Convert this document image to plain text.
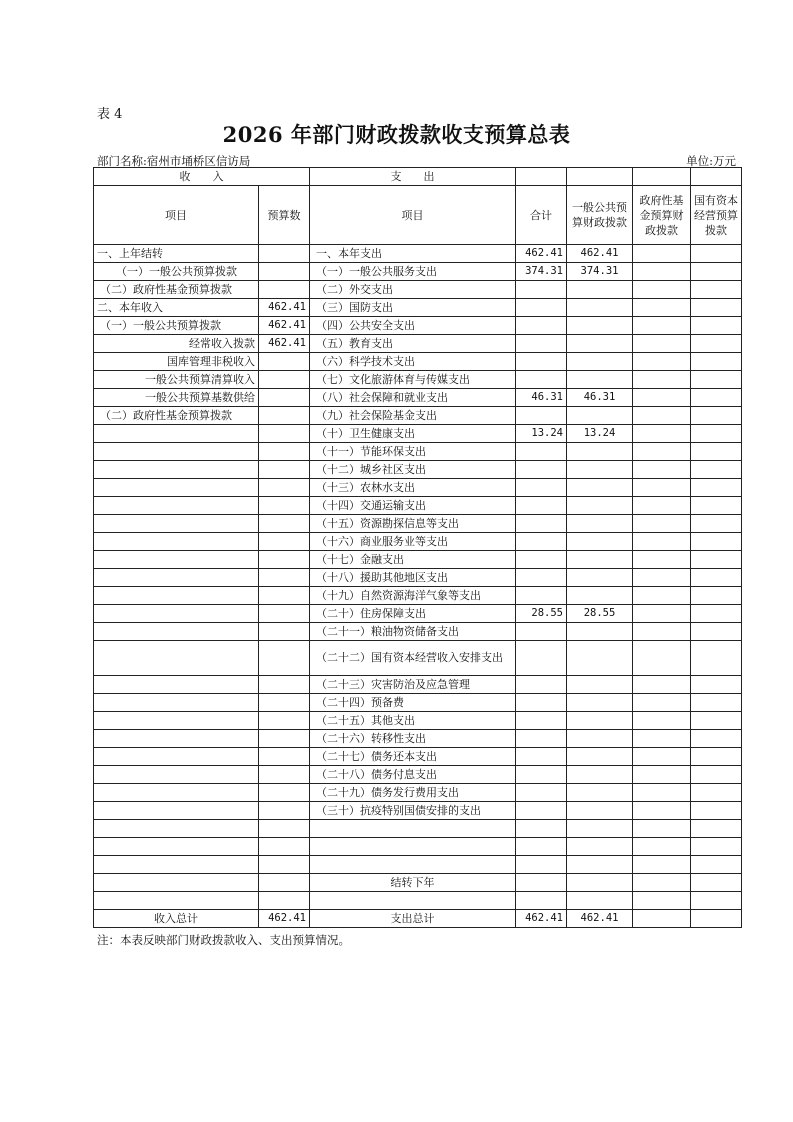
表 4
2026 年部门财政拨款收支预算总表
部门名称:宿州市埇桥区信访局	单位:万元
收　　入		支　　出				
项目	预算数	项目	合计	一般公共预算财政拨款	政府性基金预算财政拨款	国有资本经营预算拨款
一、上年结转		一、本年支出	462.41	462.41		
（一）一般公共预算拨款		（一）一般公共服务支出	374.31	374.31		
（二）政府性基金预算拨款		（二）外交支出				
二、本年收入	462.41	（三）国防支出				
（一）一般公共预算拨款	462.41	（四）公共安全支出				
经常收入拨款	462.41	（五）教育支出				
国库管理非税收入		（六）科学技术支出				
一般公共预算清算收入		（七）文化旅游体育与传媒支出				
一般公共预算基数供给		（八）社会保障和就业支出	46.31	46.31		
（二）政府性基金预算拨款		（九）社会保险基金支出				
		（十）卫生健康支出	13.24	13.24		
		（十一）节能环保支出				
		（十二）城乡社区支出				
		（十三）农林水支出				
		（十四）交通运输支出				
		（十五）资源勘探信息等支出				
		（十六）商业服务业等支出				
		（十七）金融支出				
		（十八）援助其他地区支出				
		（十九）自然资源海洋气象等支出				
		（二十）住房保障支出	28.55	28.55		
		（二十一）粮油物资储备支出				
		（二十二）国有资本经营收入安排支出				
		（二十三）灾害防治及应急管理				
		（二十四）预备费				
		（二十五）其他支出				
		（二十六）转移性支出				
		（二十七）债务还本支出				
		（二十八）债务付息支出				
		（二十九）债务发行费用支出				
		（三十）抗疫特别国债安排的支出				

		结转下年				

收入总计	462.41	支出总计	462.41	462.41		
注：本表反映部门财政拨款收入、支出预算情况。
